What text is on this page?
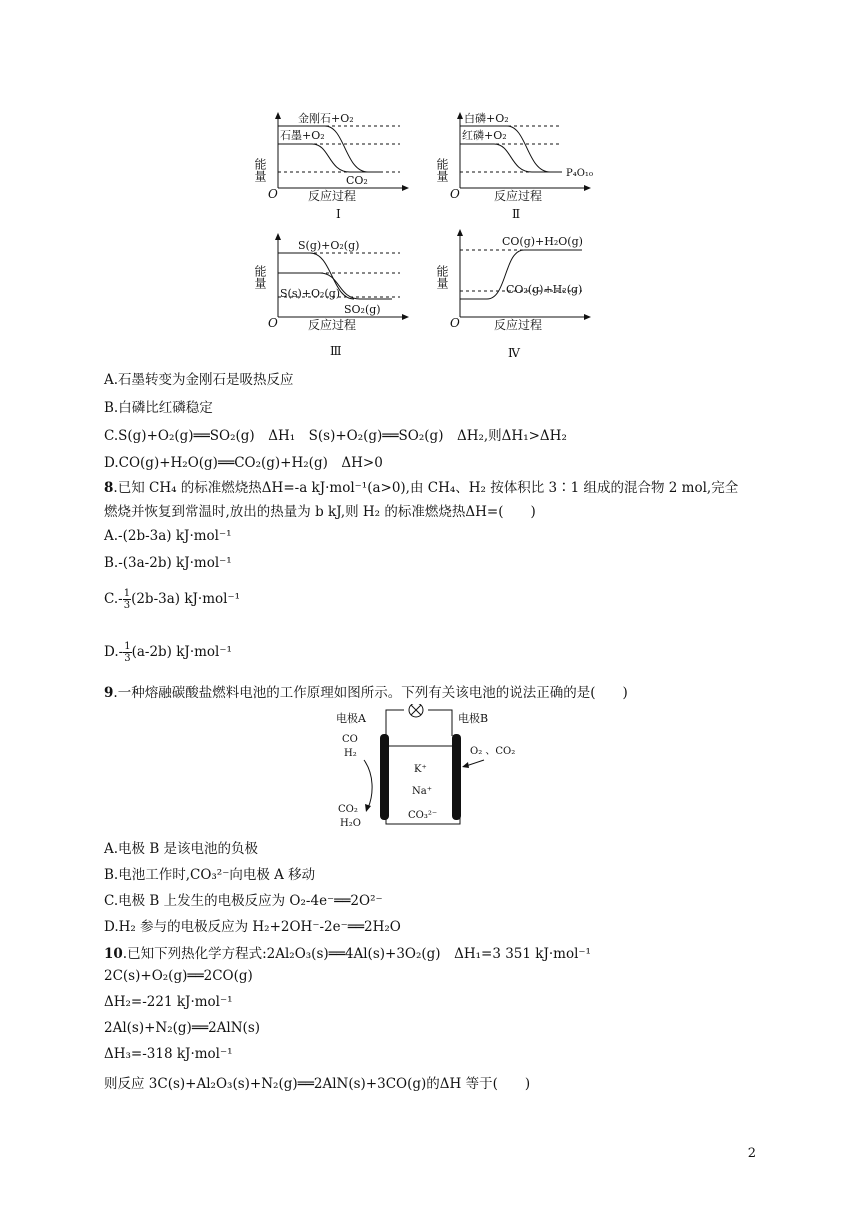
能量
O
金刚石+O₂
石墨+O₂
CO₂
反应过程
Ⅰ
能量
O
白磷+O₂
红磷+O₂
P₄O₁₀
反应过程
Ⅱ
能量
O
S(g)+O₂(g)
S(s)+O₂(g)
SO₂(g)
反应过程
Ⅲ
能量
O
CO(g)+H₂O(g)
CO₂(g)+H₂(g)
反应过程
Ⅳ
A.石墨转变为金刚石是吸热反应
B.白磷比红磷稳定
C.S(g)+O₂(g)══SO₂(g)　ΔH₁　S(s)+O₂(g)══SO₂(g)　ΔH₂,则ΔH₁>ΔH₂
D.CO(g)+H₂O(g)══CO₂(g)+H₂(g)　ΔH>0
8.已知 CH₄ 的标准燃烧热ΔH=-a kJ·mol⁻¹(a>0),由 CH₄、H₂ 按体积比 3∶1 组成的混合物 2 mol,完全
燃烧并恢复到常温时,放出的热量为 b kJ,则 H₂ 的标准燃烧热ΔH=(　　)
A.-(2b-3a) kJ·mol⁻¹
B.-(3a-2b) kJ·mol⁻¹
$C.- \frac{1}{3} (2b-3a)$ kJ·mol⁻¹
$D.- \frac{1}{3} (a-2b)$ kJ·mol⁻¹
9.一种熔融碳酸盐燃料电池的工作原理如图所示。下列有关该电池的说法正确的是(　　)
电极A	电极B
CO
H₂
CO₂
H₂O
O₂ 、CO₂
K⁺
Na⁺
CO₃²⁻
A.电极 B 是该电池的负极
B.电池工作时,CO₃²⁻向电极 A 移动
C.电极 B 上发生的电极反应为 O₂-4e⁻══2O²⁻
D.H₂ 参与的电极反应为 H₂+2OH⁻-2e⁻══2H₂O
10.已知下列热化学方程式:2Al₂O₃(s)══4Al(s)+3O₂(g)　ΔH₁=3 351 kJ·mol⁻¹
2C(s)+O₂(g)══2CO(g)
ΔH₂=-221 kJ·mol⁻¹
2Al(s)+N₂(g)══2AlN(s)
ΔH₃=-318 kJ·mol⁻¹
则反应 3C(s)+Al₂O₃(s)+N₂(g)══2AlN(s)+3CO(g)的ΔH 等于(　　)
2
